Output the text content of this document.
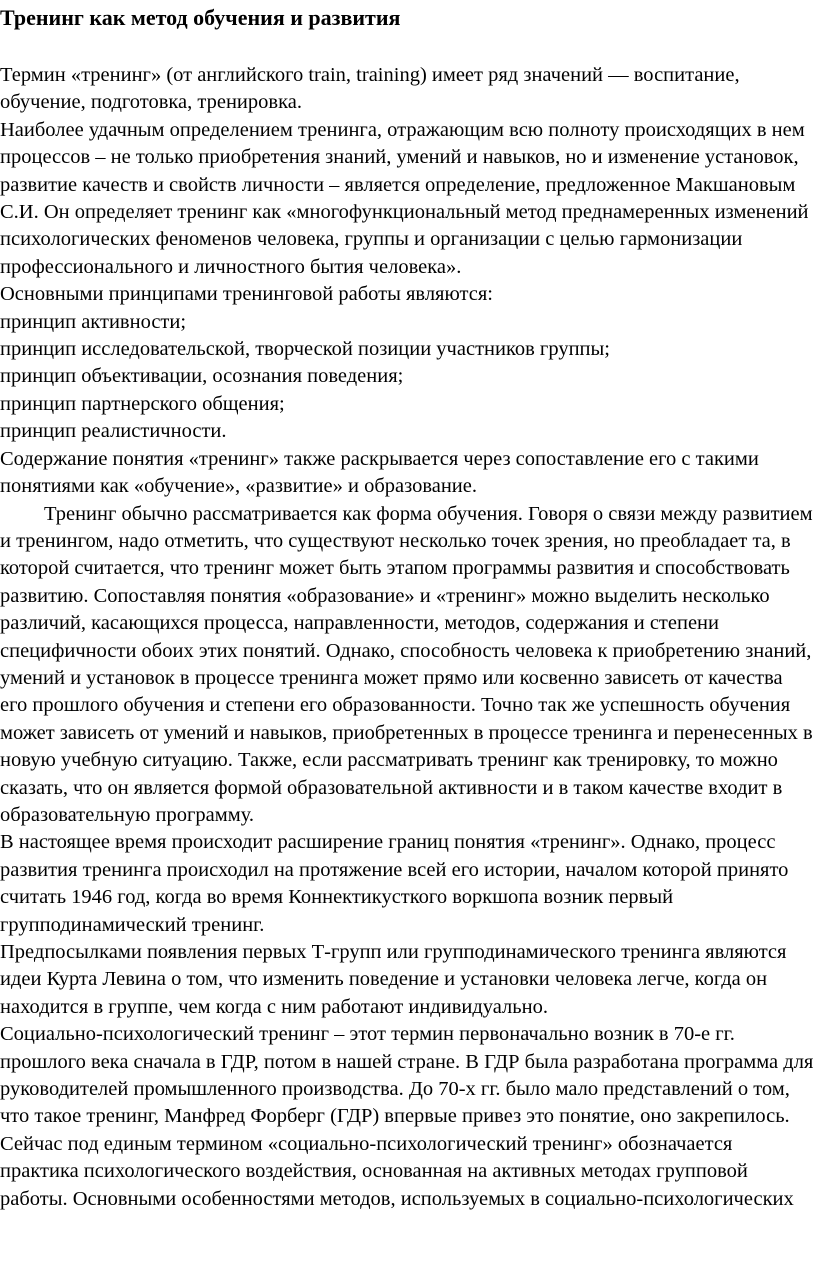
Тренинг как метод обучения и развития

Термин «тренинг» (от английского train, training) имеет ряд значений — воспитание, обучение, подготовка, тренировка.

Наиболее удачным определением тренинга, отражающим всю полноту происходящих в нем процессов – не только приобретения знаний, умений и навыков, но и изменение установок, развитие качеств и свойств личности – является определение, предложенное Макшановым С.И. Он определяет тренинг как «многофункциональный метод преднамеренных изменений психологических феноменов человека, группы и организации с целью гармонизации профессионального и личностного бытия человека».

Основными принципами тренинговой работы являются:

принцип активности;

принцип исследовательской, творческой позиции участников группы;

принцип объективации, осознания поведения;

принцип партнерского общения;

принцип реалистичности.

Содержание понятия «тренинг» также раскрывается через сопоставление его с такими понятиями как «обучение», «развитие» и образование.

Тренинг обычно рассматривается как форма обучения. Говоря о связи между развитием и тренингом, надо отметить, что существуют несколько точек зрения, но преобладает та, в которой считается, что тренинг может быть этапом программы развития и способствовать развитию. Сопоставляя понятия «образование» и «тренинг» можно выделить несколько различий, касающихся процесса, направленности, методов, содержания и степени специфичности обоих этих понятий. Однако, способность человека к приобретению знаний, умений и установок в процессе тренинга может прямо или косвенно зависеть от качества его прошлого обучения и степени его образованности. Точно так же успешность обучения может зависеть от умений и навыков, приобретенных в процессе тренинга и перенесенных в новую учебную ситуацию. Также, если рассматривать тренинг как тренировку, то можно сказать, что он является формой образовательной активности и в таком качестве входит в образовательную программу.

В настоящее время происходит расширение границ понятия «тренинг». Однако, процесс развития тренинга происходил на протяжение всей его истории, началом которой принято считать 1946 год, когда во время Коннектикусткого воркшопа возник первый групподинамический тренинг.

Предпосылками появления первых Т-групп или групподинамического тренинга являются идеи Курта Левина о том, что изменить поведение и установки человека легче, когда он находится в группе, чем когда с ним работают индивидуально.

Социально-психологический тренинг – этот термин первоначально возник в 70-е гг. прошлого века сначала в ГДР, потом в нашей стране. В ГДР была разработана программа для руководителей промышленного производства. До 70-х гг. было мало представлений о том, что такое тренинг, Манфред Форберг (ГДР) впервые привез это понятие, оно закрепилось.

Сейчас под единым термином «социально-психологический тренинг» обозначается практика психологического воздействия, основанная на активных методах групповой работы. Основными особенностями методов, используемых в социально-психологических
